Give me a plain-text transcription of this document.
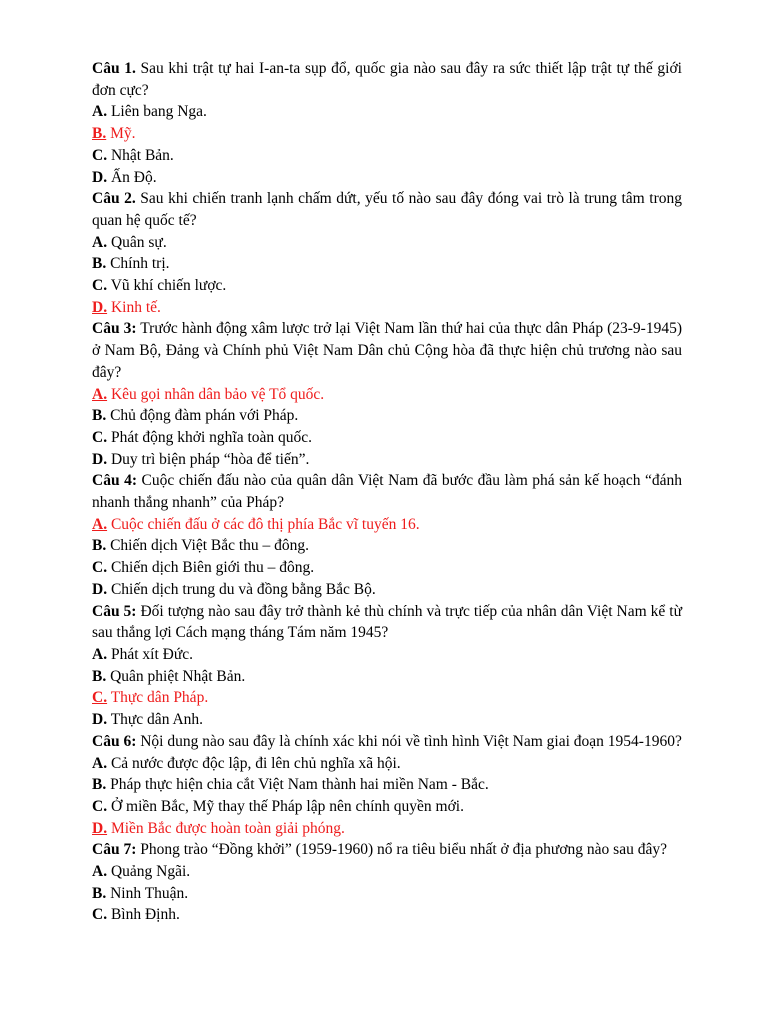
Câu 1. Sau khi trật tự hai I-an-ta sụp đổ, quốc gia nào sau đây ra sức thiết lập trật tự thế giới đơn cực?

A. Liên bang Nga.

B. Mỹ.

C. Nhật Bản.

D. Ấn Độ.

Câu 2. Sau khi chiến tranh lạnh chấm dứt, yếu tố nào sau đây đóng vai trò là trung tâm trong quan hệ quốc tế?

A. Quân sự.

B. Chính trị.

C. Vũ khí chiến lược.

D. Kinh tế.

Câu 3: Trước hành động xâm lược trở lại Việt Nam lần thứ hai của thực dân Pháp (23-9-1945) ở Nam Bộ, Đảng và Chính phủ Việt Nam Dân chủ Cộng hòa đã thực hiện chủ trương nào sau đây?

A. Kêu gọi nhân dân bảo vệ Tổ quốc.

B. Chủ động đàm phán với Pháp.

C. Phát động khởi nghĩa toàn quốc.

D. Duy trì biện pháp “hòa để tiến”.

Câu 4: Cuộc chiến đấu nào của quân dân Việt Nam đã bước đầu làm phá sản kế hoạch “đánh nhanh thắng nhanh” của Pháp?

A. Cuộc chiến đấu ở các đô thị phía Bắc vĩ tuyến 16.

B. Chiến dịch Việt Bắc thu – đông.

C. Chiến dịch Biên giới thu – đông.

D. Chiến dịch trung du và đồng bằng Bắc Bộ.

Câu 5: Đối tượng nào sau đây trở thành kẻ thù chính và trực tiếp của nhân dân Việt Nam kể từ sau thắng lợi Cách mạng tháng Tám năm 1945?

A. Phát xít Đức.

B. Quân phiệt Nhật Bản.

C. Thực dân Pháp.

D. Thực dân Anh.

Câu 6: Nội dung nào sau đây là chính xác khi nói về tình hình Việt Nam giai đoạn 1954-1960?

A. Cả nước được độc lập, đi lên chủ nghĩa xã hội.

B. Pháp thực hiện chia cắt Việt Nam thành hai miền Nam - Bắc.

C. Ở miền Bắc, Mỹ thay thế Pháp lập nên chính quyền mới.

D. Miền Bắc được hoàn toàn giải phóng.

Câu 7: Phong trào “Đồng khởi” (1959-1960) nổ ra tiêu biểu nhất ở địa phương nào sau đây?

A. Quảng Ngãi.

B. Ninh Thuận.

C. Bình Định.
